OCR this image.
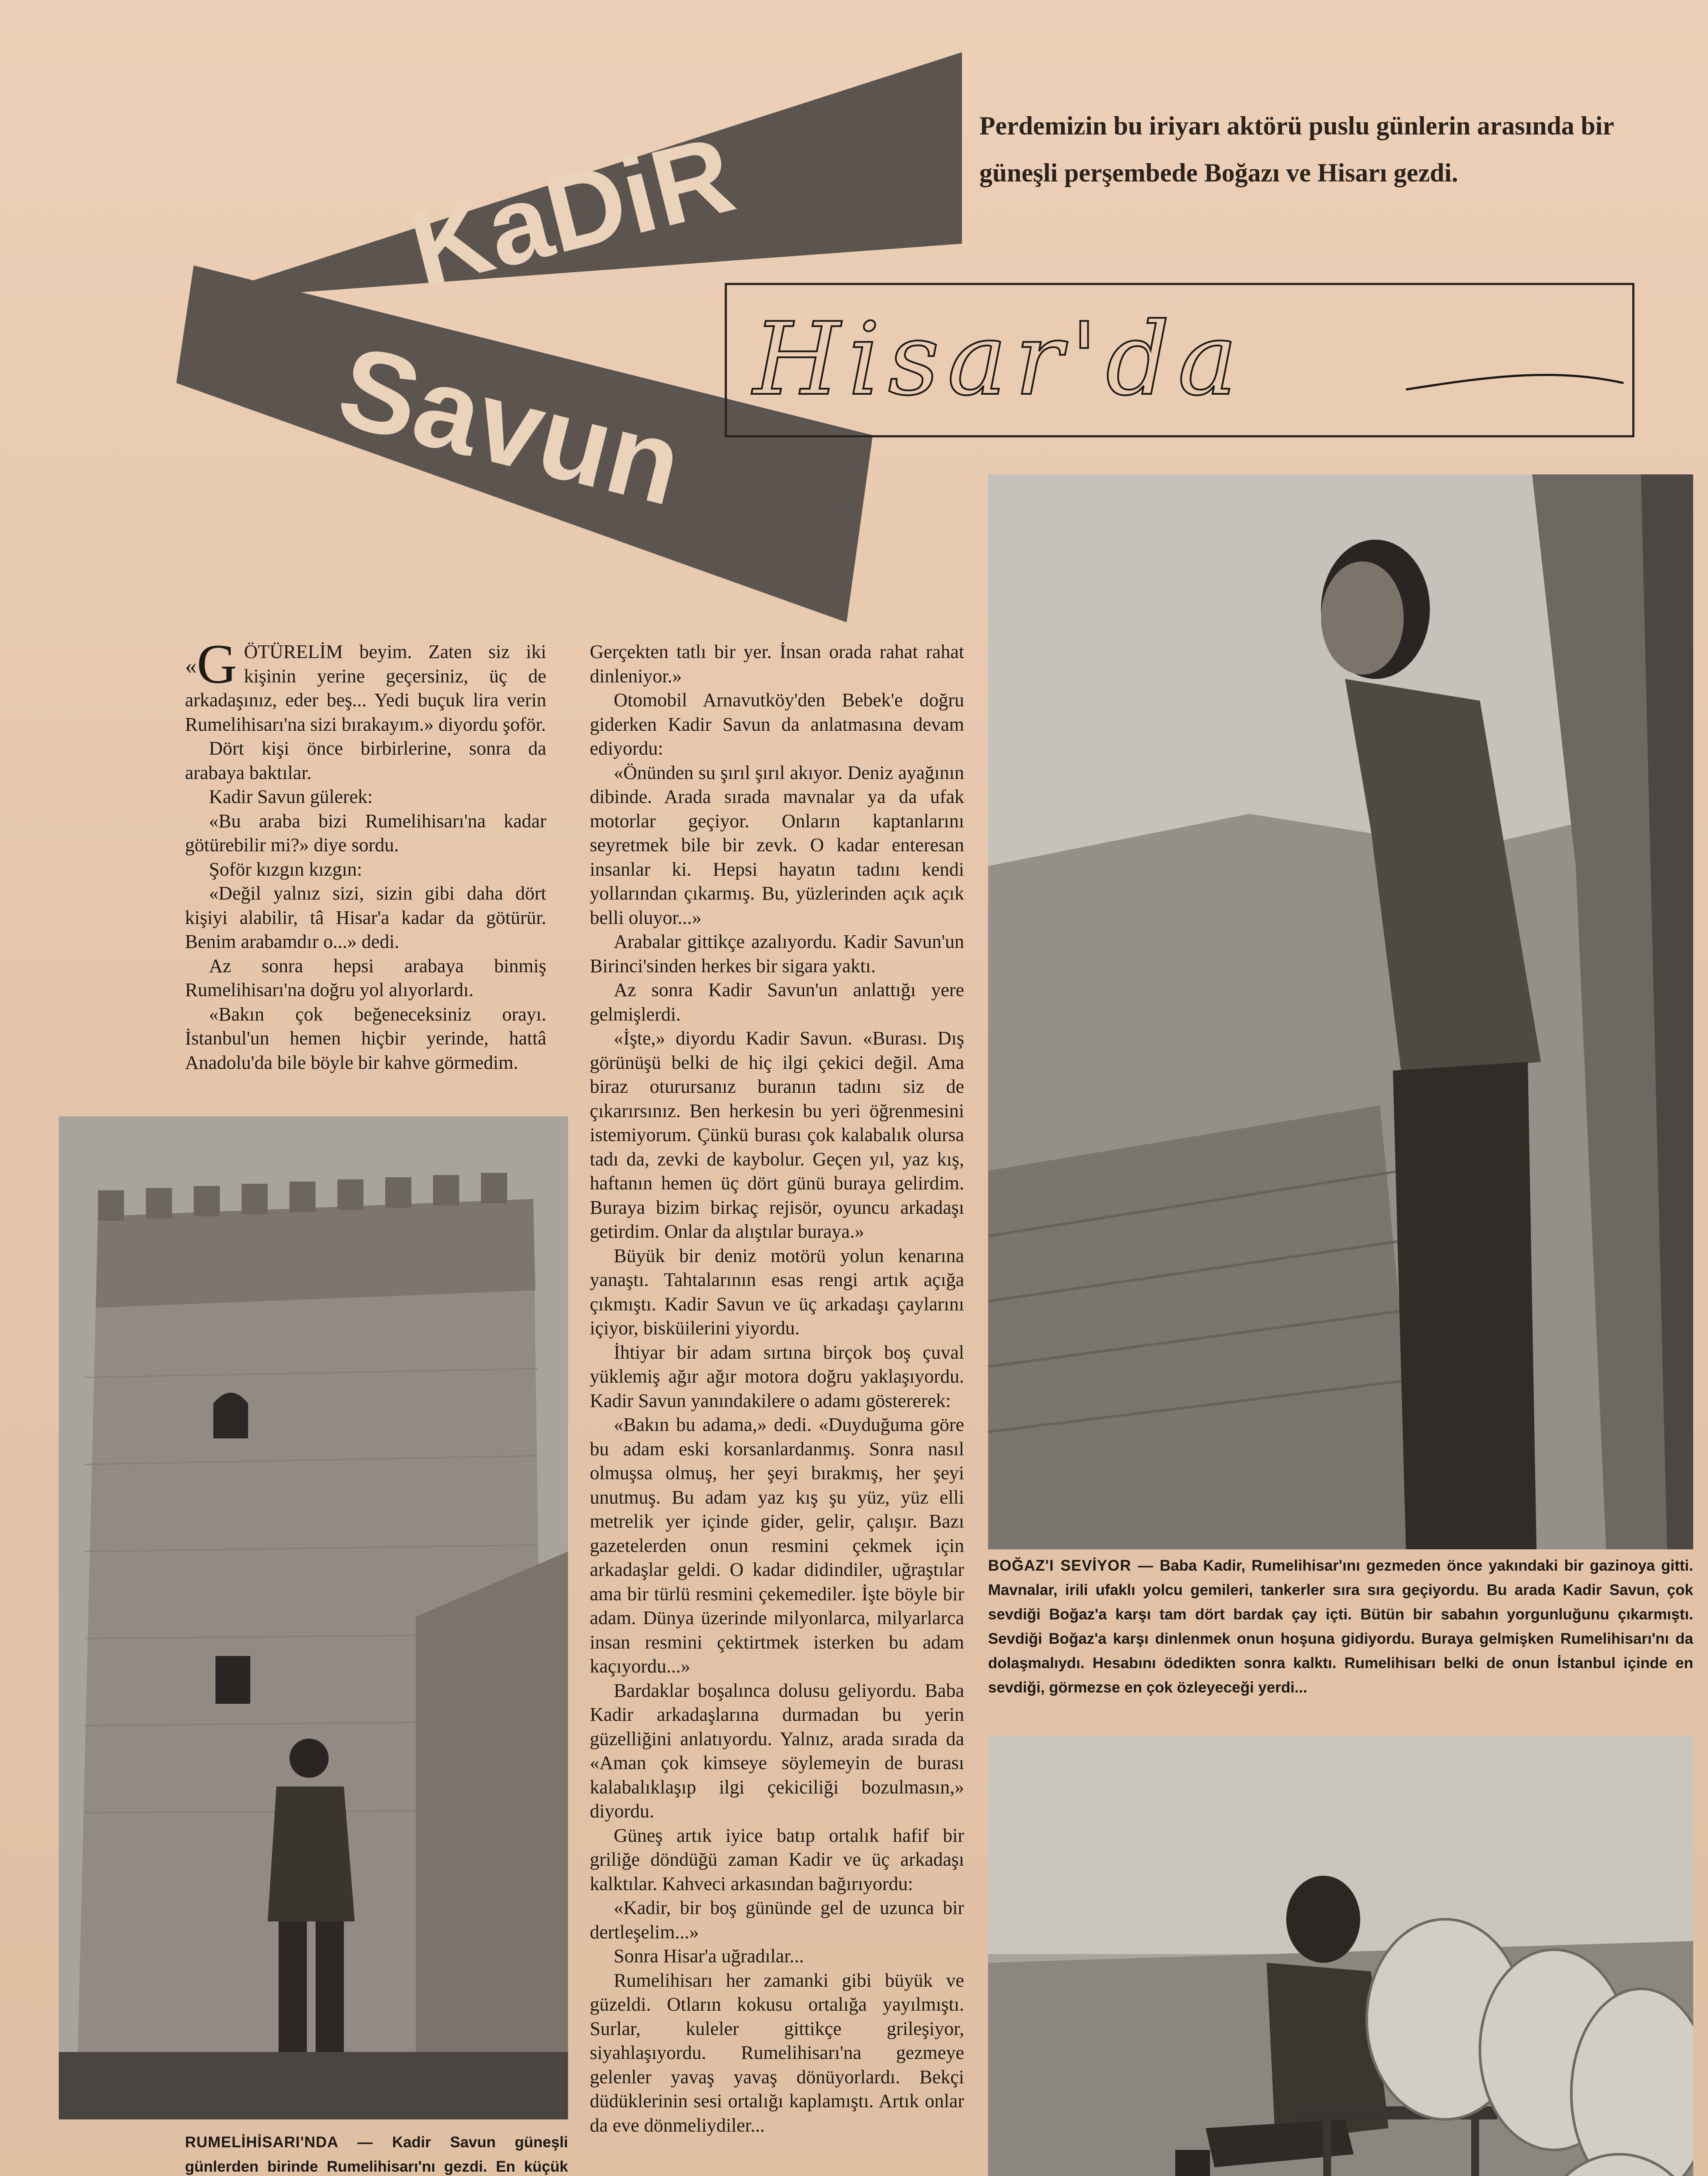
KaDiR
Savun
Perdemizin bu iriyarı aktörü puslu günlerin arasında bir güneşli perşembede Boğazı ve Hisarı gezdi.
Hisar'da
« G ÖTÜRELİM beyim. Zaten siz iki kişinin yerine geçersiniz, üç de arkadaşınız, eder beş... Yedi buçuk lira verin Rumelihisarı'na sizi bırakayım.» diyordu şoför.

Dört kişi önce birbirlerine, sonra da arabaya baktılar.

Kadir Savun gülerek:

«Bu araba bizi Rumelihisarı'na kadar götürebilir mi?» diye sordu.

Şoför kızgın kızgın:

«Değil yalnız sizi, sizin gibi daha dört kişiyi alabilir, tâ Hisar'a kadar da götürür. Benim arabamdır o...» dedi.

Az sonra hepsi arabaya binmiş Rumelihisarı'na doğru yol alıyorlardı.

«Bakın çok beğeneceksiniz orayı. İstanbul'un hemen hiçbir yerinde, hattâ Anadolu'da bile böyle bir kahve görmedim.

Gerçekten tatlı bir yer. İnsan orada rahat rahat dinleniyor.»

Otomobil Arnavutköy'den Bebek'e doğru giderken Kadir Savun da anlatmasına devam ediyordu:

«Önünden su şırıl şırıl akıyor. Deniz ayağının dibinde. Arada sırada mavnalar ya da ufak motorlar geçiyor. Onların kaptanlarını seyretmek bile bir zevk. O kadar enteresan insanlar ki. Hepsi hayatın tadını kendi yollarından çıkarmış. Bu, yüzlerinden açık açık belli oluyor...»

Arabalar gittikçe azalıyordu. Kadir Savun'un Birinci'sinden herkes bir sigara yaktı.

Az sonra Kadir Savun'un anlattığı yere gelmişlerdi.

«İşte,» diyordu Kadir Savun. «Burası. Dış görünüşü belki de hiç ilgi çekici değil. Ama biraz oturursanız buranın tadını siz de çıkarırsınız. Ben herkesin bu yeri öğrenmesini istemiyorum. Çünkü burası çok kalabalık olursa tadı da, zevki de kaybolur. Geçen yıl, yaz kış, haftanın hemen üç dört günü buraya gelirdim. Buraya bizim birkaç rejisör, oyuncu arkadaşı getirdim. Onlar da alıştılar buraya.»

Büyük bir deniz motörü yolun kenarına yanaştı. Tahtalarının esas rengi artık açığa çıkmıştı. Kadir Savun ve üç arkadaşı çaylarını içiyor, bisküilerini yiyordu.

İhtiyar bir adam sırtına birçok boş çuval yüklemiş ağır ağır motora doğru yaklaşıyordu. Kadir Savun yanındakilere o adamı göstererek:

«Bakın bu adama,» dedi. «Duyduğuma göre bu adam eski korsanlardanmış. Sonra nasıl olmuşsa olmuş, her şeyi bırakmış, her şeyi unutmuş. Bu adam yaz kış şu yüz, yüz elli metrelik yer içinde gider, gelir, çalışır. Bazı gazetelerden onun resmini çekmek için arkadaşlar geldi. O kadar didindiler, uğraştılar ama bir türlü resmini çekemediler. İşte böyle bir adam. Dünya üzerinde milyonlarca, milyarlarca insan resmini çektirtmek isterken bu adam kaçıyordu...»

Bardaklar boşalınca dolusu geliyordu. Baba Kadir arkadaşlarına durmadan bu yerin güzelliğini anlatıyordu. Yalnız, arada sırada da «Aman çok kimseye söylemeyin de burası kalabalıklaşıp ilgi çekiciliği bozulmasın,» diyordu.

Güneş artık iyice batıp ortalık hafif bir griliğe döndüğü zaman Kadir ve üç arkadaşı kalktılar. Kahveci arkasından bağırıyordu:

«Kadir, bir boş gününde gel de uzunca bir dertleşelim...»

Sonra Hisar'a uğradılar...

Rumelihisarı her zamanki gibi büyük ve güzeldi. Otların kokusu ortalığa yayılmıştı. Surlar, kuleler gittikçe grileşiyor, siyahlaşıyordu. Rumelihisarı'na gezmeye gelenler yavaş yavaş dönüyorlardı. Bekçi düdüklerinin sesi ortalığı kaplamıştı. Artık onlar da eve dönmeliydiler...

BOĞAZ'I SEVİYOR — Baba Kadir, Rumelihisar'ını gezmeden önce yakındaki bir gazinoya gitti. Mavnalar, irili ufaklı yolcu gemileri, tankerler sıra sıra geçiyordu. Bu arada Kadir Savun, çok sevdiği Boğaz'a karşı tam dört bardak çay içti. Bütün bir sabahın yorgunluğunu çıkarmıştı. Sevdiği Boğaz'a karşı dinlenmek onun hoşuna gidiyordu. Buraya gelmişken Rumelihisarı'nı da dolaşmalıydı. Hesabını ödedikten sonra kalktı. Rumelihisarı belki de onun İstanbul içinde en sevdiği, görmezse en çok özleyeceği yerdi...
RUMELİHİSARI'NDA — Kadir Savun güneşli günlerden birinde Rumelihisarı'nı gezdi. En küçük
